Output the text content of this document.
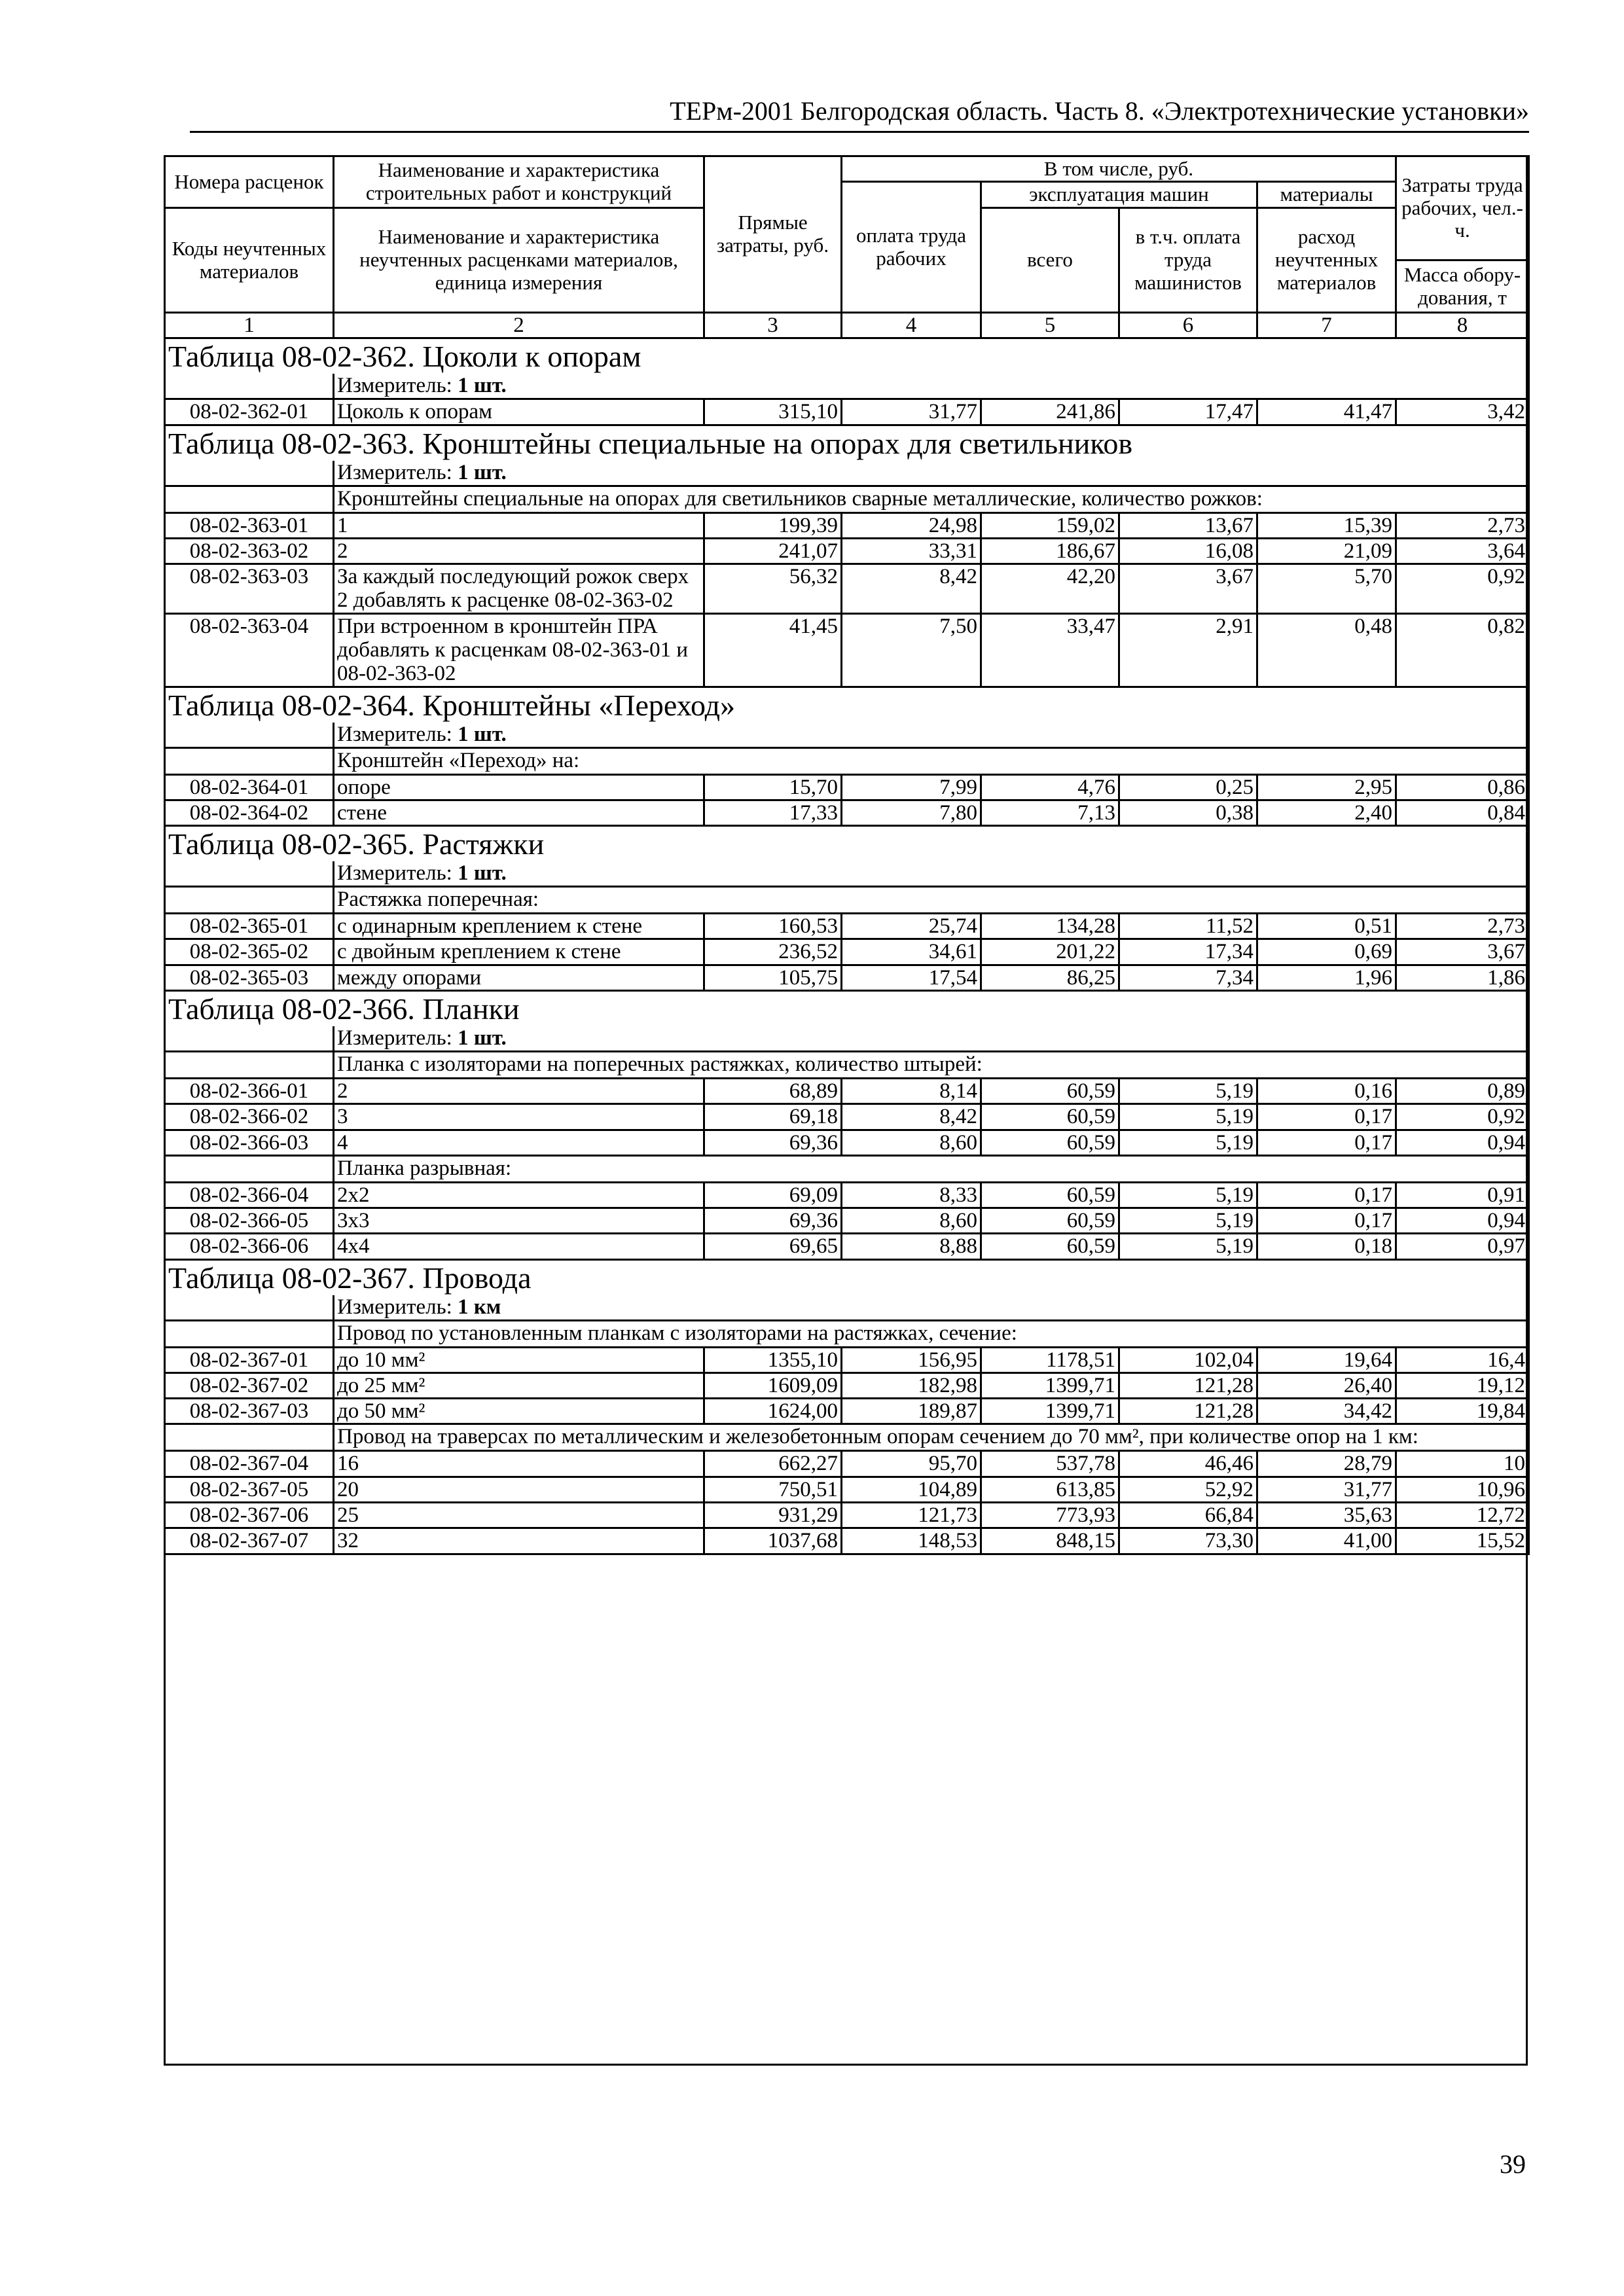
ТЕРм-2001 Белгородская область. Часть 8. «Электротехнические установки»
Номера расценок	Наименование и характеристика строительных работ и конструкций	Прямые затраты, руб.	В том числе, руб.				Затраты труда рабочих, чел.-ч.
			оплата труда рабочих	эксплуатация машин		материалы	
Коды неучтенных материалов	Наименование и характеристика неучтенных расценками материалов, единица измерения			всего	в т.ч. оплата труда машинистов	расход неучтенных материалов	
							Масса обору-дования, т
1	2	3	4	5	6	7	8
Таблица 08-02-362. Цоколи к опорам							
	Измеритель: 1 шт.						
08-02-362-01	Цоколь к опорам	315,10	31,77	241,86	17,47	41,47	3,42
Таблица 08-02-363. Кронштейны специальные на опорах для светильников							
	Измеритель: 1 шт.						
	Кронштейны специальные на опорах для светильников сварные металлические, количество рожков:						
08-02-363-01	1	199,39	24,98	159,02	13,67	15,39	2,73
08-02-363-02	2	241,07	33,31	186,67	16,08	21,09	3,64
08-02-363-03	За каждый последующий рожок сверх 2 добавлять к расценке 08-02-363-02	56,32	8,42	42,20	3,67	5,70	0,92
08-02-363-04	При встроенном в кронштейн ПРА добавлять к расценкам 08-02-363-01 и 08-02-363-02	41,45	7,50	33,47	2,91	0,48	0,82
Таблица 08-02-364. Кронштейны «Переход»							
	Измеритель: 1 шт.						
	Кронштейн «Переход» на:						
08-02-364-01	опоре	15,70	7,99	4,76	0,25	2,95	0,86
08-02-364-02	стене	17,33	7,80	7,13	0,38	2,40	0,84
Таблица 08-02-365. Растяжки							
	Измеритель: 1 шт.						
	Растяжка поперечная:						
08-02-365-01	с одинарным креплением к стене	160,53	25,74	134,28	11,52	0,51	2,73
08-02-365-02	с двойным креплением к стене	236,52	34,61	201,22	17,34	0,69	3,67
08-02-365-03	между опорами	105,75	17,54	86,25	7,34	1,96	1,86
Таблица 08-02-366. Планки							
	Измеритель: 1 шт.						
	Планка с изоляторами на поперечных растяжках, количество штырей:						
08-02-366-01	2	68,89	8,14	60,59	5,19	0,16	0,89
08-02-366-02	3	69,18	8,42	60,59	5,19	0,17	0,92
08-02-366-03	4	69,36	8,60	60,59	5,19	0,17	0,94
	Планка разрывная:						
08-02-366-04	2х2	69,09	8,33	60,59	5,19	0,17	0,91
08-02-366-05	3х3	69,36	8,60	60,59	5,19	0,17	0,94
08-02-366-06	4х4	69,65	8,88	60,59	5,19	0,18	0,97
Таблица 08-02-367. Провода							
	Измеритель: 1 км						
	Провод по установленным планкам с изоляторами на растяжках, сечение:						
08-02-367-01	до 10 мм²	1355,10	156,95	1178,51	102,04	19,64	16,4
08-02-367-02	до 25 мм²	1609,09	182,98	1399,71	121,28	26,40	19,12
08-02-367-03	до 50 мм²	1624,00	189,87	1399,71	121,28	34,42	19,84
	Провод на траверсах по металлическим и железобетонным опорам сечением до 70 мм², при количестве опор на 1 км:						
08-02-367-04	16	662,27	95,70	537,78	46,46	28,79	10
08-02-367-05	20	750,51	104,89	613,85	52,92	31,77	10,96
08-02-367-06	25	931,29	121,73	773,93	66,84	35,63	12,72
08-02-367-07	32	1037,68	148,53	848,15	73,30	41,00	15,52
39
